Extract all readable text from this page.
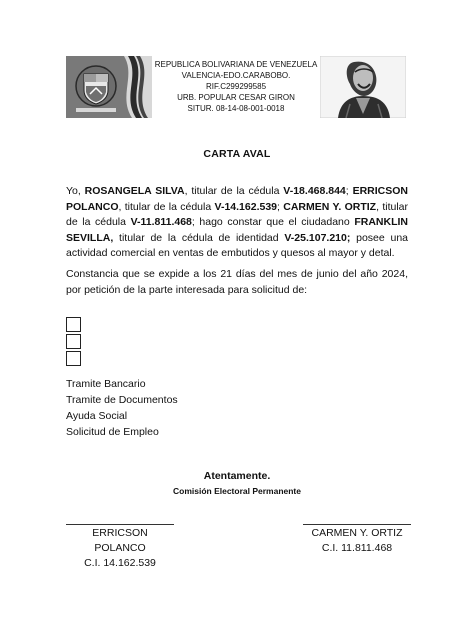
REPUBLICA BOLIVARIANA DE VENEZUELA
VALENCIA-EDO.CARABOBO.
RIF.C299299585
URB. POPULAR CESAR GIRON
SITUR. 08-14-08-001-0018
CARTA AVAL
Yo, ROSANGELA SILVA, titular de la cédula V-18.468.844; ERRICSON POLANCO, titular de la cédula V-14.162.539; CARMEN Y. ORTIZ, titular de la cédula V-11.811.468; hago constar que el ciudadano FRANKLIN SEVILLA, titular de la cédula de identidad V-25.107.210; posee una actividad comercial en ventas de embutidos y quesos al mayor y detal.
Constancia que se expide a los 21 días del mes de junio del año 2024, por petición de la parte interesada para solicitud de:
Tramite Bancario
Tramite de Documentos
Ayuda Social
Solicitud de Empleo
Atentamente.
Comisión Electoral Permanente
ERRICSON POLANCO
C.I. 14.162.539
CARMEN Y. ORTIZ
C.I. 11.811.468
